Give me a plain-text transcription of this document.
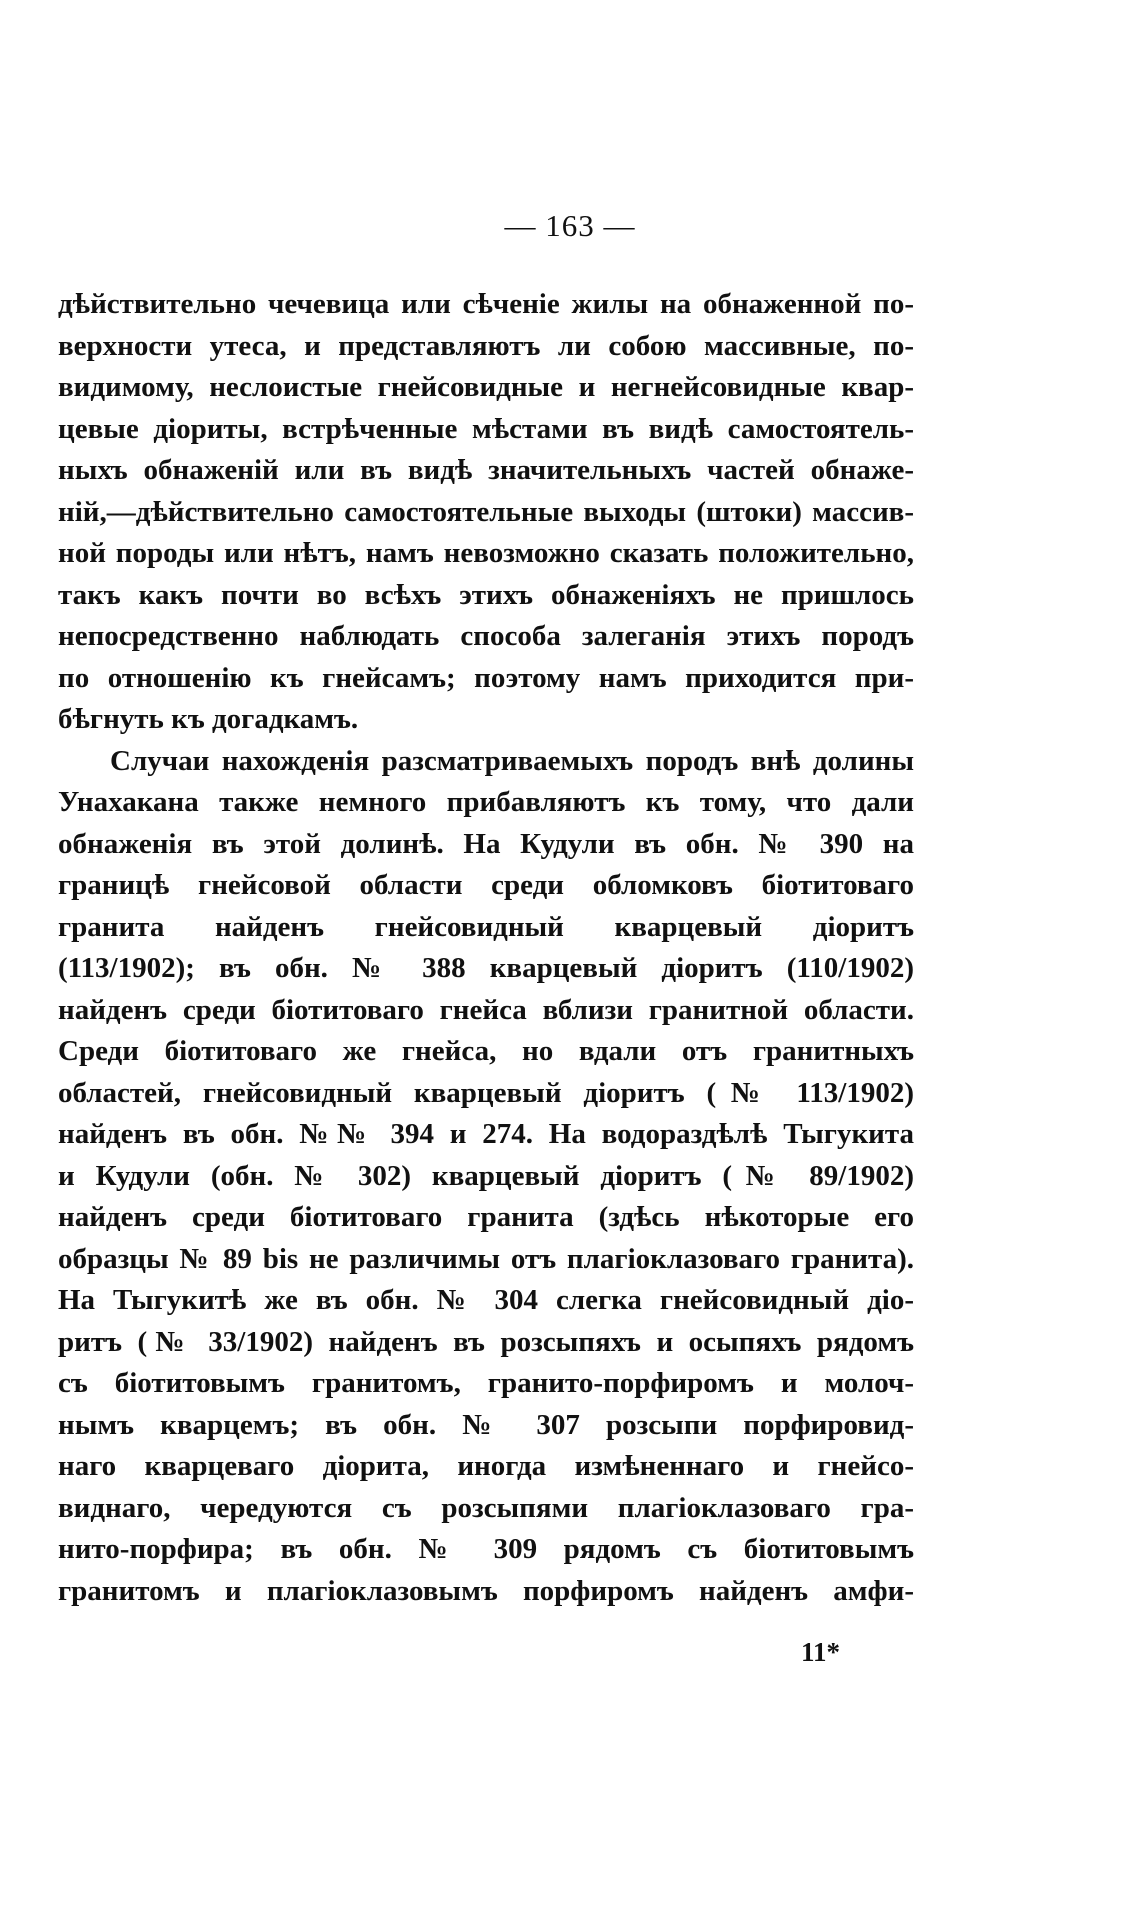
— 163 —
дѣйствительно чечевица или сѣченіе жилы на обнаженной по-
верхности утеса, и представляютъ ли собою массивные, по-
видимому, неслоистые гнейсовидные и негнейсовидные квар-
цевые діориты, встрѣченные мѣстами въ видѣ самостоятель-
ныхъ обнаженій или въ видѣ значительныхъ частей обнаже-
ній,—дѣйствительно самостоятельные выходы (штоки) массив-
ной породы или нѣтъ, намъ невозможно сказать положительно,
такъ какъ почти во всѣхъ этихъ обнаженіяхъ не пришлось
непосредственно наблюдать способа залеганія этихъ породъ
по отношенію къ гнейсамъ; поэтому намъ приходится при-
бѣгнуть къ догадкамъ.
Случаи нахожденія разсматриваемыхъ породъ внѣ долины
Унахакана также немного прибавляютъ къ тому, что дали
обнаженія въ этой долинѣ. На Кудули въ обн. № 390 на
границѣ гнейсовой области среди обломковъ біотитоваго
гранита найденъ гнейсовидный кварцевый діоритъ
(113/1902); въ обн. № 388 кварцевый діоритъ (110/1902)
найденъ среди біотитоваго гнейса вблизи гранитной области.
Среди біотитоваго же гнейса, но вдали отъ гранитныхъ
областей, гнейсовидный кварцевый діоритъ (№ 113/1902)
найденъ въ обн. №№ 394 и 274. На водораздѣлѣ Тыгукита
и Кудули (обн. № 302) кварцевый діоритъ (№ 89/1902)
найденъ среди біотитоваго гранита (здѣсь нѣкоторые его
образцы № 89 bis не различимы отъ плагіоклазоваго гранита).
На Тыгукитѣ же въ обн. № 304 слегка гнейсовидный діо-
ритъ (№ 33/1902) найденъ въ розсыпяхъ и осыпяхъ рядомъ
съ біотитовымъ гранитомъ, гранито-порфиромъ и молоч-
нымъ кварцемъ; въ обн. № 307 розсыпи порфировид-
наго кварцеваго діорита, иногда измѣненнаго и гнейсо-
виднаго, чередуются съ розсыпями плагіоклазоваго гра-
нито-порфира; въ обн. № 309 рядомъ съ біотитовымъ
гранитомъ и плагіоклазовымъ порфиромъ найденъ амфи-
11*
